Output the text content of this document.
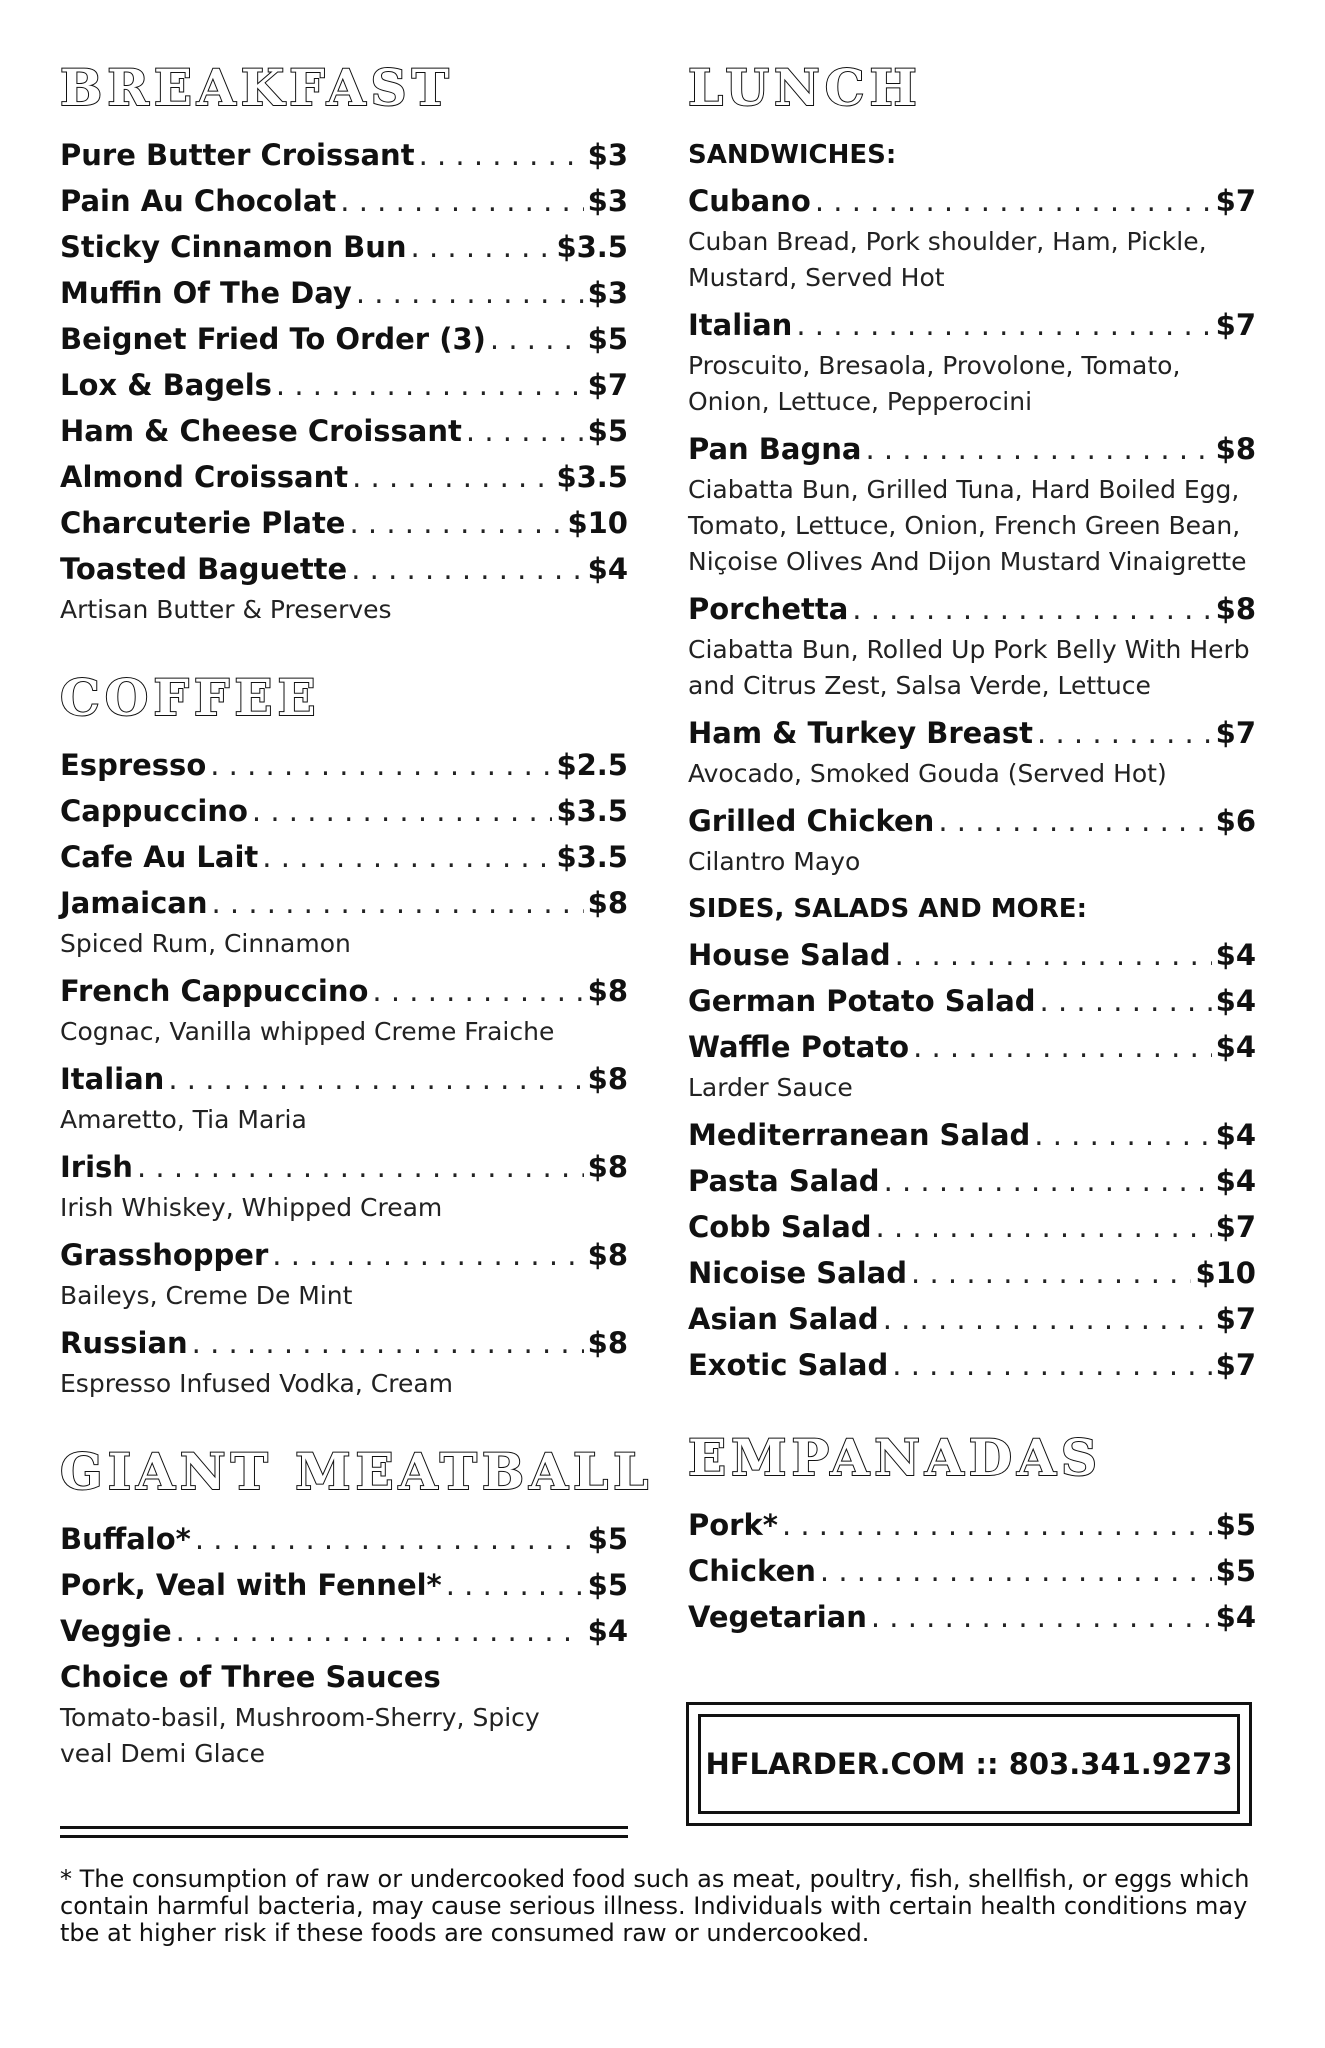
BREAKFAST
Pure Butter Croissant . . .	$3
Pain Au Chocolat . . .	$3
Sticky Cinnamon Bun . . .	$3.5
Muffin Of The Day . . .	$3
Beignet Fried To Order (3) . . .	$5
Lox & Bagels . . .	$7
Ham & Cheese Croissant . . .	$5
Almond Croissant . . .	$3.5
Charcuterie Plate . . .	$10
Toasted Baguette . . .	$4
Artisan Butter & Preserves
COFFEE
Espresso . . .	$2.5
Cappuccino . . .	$3.5
Cafe Au Lait . . .	$3.5
Jamaican . . .	$8
Spiced Rum, Cinnamon
French Cappuccino . . .	$8
Cognac, Vanilla whipped Creme Fraiche
Italian . . .	$8
Amaretto, Tia Maria
Irish . . .	$8
Irish Whiskey, Whipped Cream
Grasshopper . . .	$8
Baileys, Creme De Mint
Russian . . .	$8
Espresso Infused Vodka, Cream
GIANT MEATBALL
Buffalo* . . .	$5
Pork, Veal with Fennel* . . .	$5
Veggie . . .	$4
Choice of Three Sauces
Tomato-basil, Mushroom-Sherry, Spicy veal Demi Glace
LUNCH
SANDWICHES:
Cubano . . .	$7
Cuban Bread, Pork shoulder, Ham, Pickle, Mustard, Served Hot
Italian . . .	$7
Proscuito, Bresaola, Provolone, Tomato, Onion, Lettuce, Pepperocini
Pan Bagna . . .	$8
Ciabatta Bun, Grilled Tuna, Hard Boiled Egg, Tomato, Lettuce, Onion, French Green Bean, Niçoise Olives And Dijon Mustard Vinaigrette
Porchetta . . .	$8
Ciabatta Bun, Rolled Up Pork Belly With Herb and Citrus Zest, Salsa Verde, Lettuce
Ham & Turkey Breast . . .	$7
Avocado, Smoked Gouda (Served Hot)
Grilled Chicken . . .	$6
Cilantro Mayo
SIDES, SALADS AND MORE:
House Salad . . .	$4
German Potato Salad . . .	$4
Waffle Potato . . .	$4
Larder Sauce
Mediterranean Salad . . .	$4
Pasta Salad . . .	$4
Cobb Salad . . .	$7
Nicoise Salad . . .	$10
Asian Salad . . .	$7
Exotic Salad . . .	$7
EMPANADAS
Pork* . . .	$5
Chicken . . .	$5
Vegetarian . . .	$4
HFLARDER.COM :: 803.341.9273
* The consumption of raw or undercooked food such as meat, poultry, fish, shellfish, or eggs which contain harmful bacteria, may cause serious illness. Individuals with certain health conditions may tbe at higher risk if these foods are consumed raw or undercooked.
